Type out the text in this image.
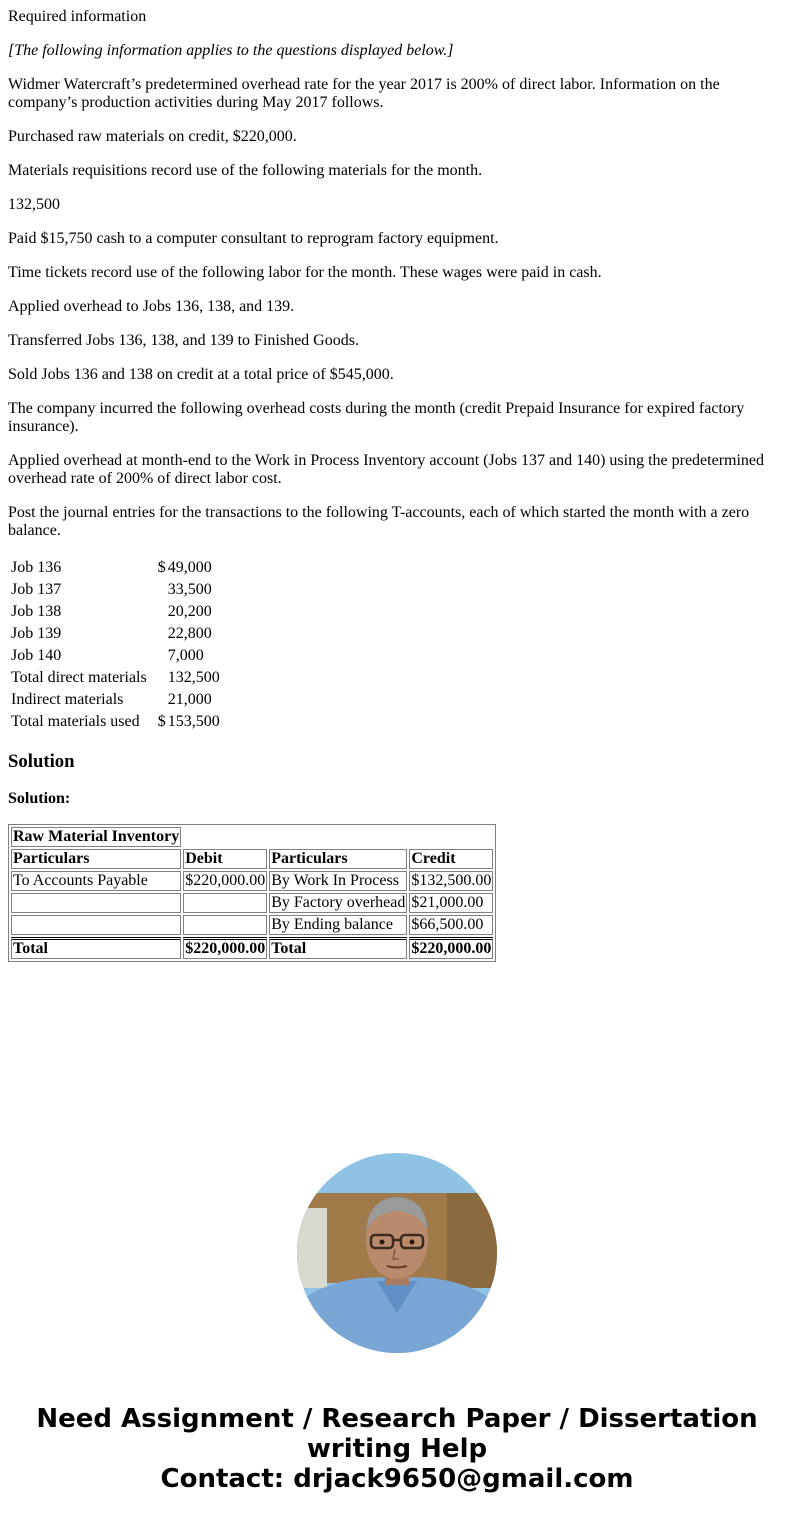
Required information

[The following information applies to the questions displayed below.]

Widmer Watercraft’s predetermined overhead rate for the year 2017 is 200% of direct labor. Information on the company’s production activities during May 2017 follows.

Purchased raw materials on credit, $220,000.

Materials requisitions record use of the following materials for the month.

132,500

Paid $15,750 cash to a computer consultant to reprogram factory equipment.

Time tickets record use of the following labor for the month. These wages were paid in cash.

Applied overhead to Jobs 136, 138, and 139.

Transferred Jobs 136, 138, and 139 to Finished Goods.

Sold Jobs 136 and 138 on credit at a total price of $545,000.

The company incurred the following overhead costs during the month (credit Prepaid Insurance for expired factory insurance).

Applied overhead at month-end to the Work in Process Inventory account (Jobs 137 and 140) using the predetermined overhead rate of 200% of direct labor cost.

Post the journal entries for the transactions to the following T-accounts, each of which started the month with a zero balance.

Job 136	$	49,000
Job 137		33,500
Job 138		20,200
Job 139		22,800
Job 140		7,000
Total direct materials		132,500
Indirect materials		21,000
Total materials used	$	153,500
Solution

Solution:

Raw Material Inventory			
Particulars	Debit	Particulars	Credit
To Accounts Payable	$220,000.00	By Work In Process	$132,500.00
		By Factory overhead	$21,000.00
		By Ending balance	$66,500.00
Total	$220,000.00	Total	$220,000.00
Need Assignment / Research Paper / Dissertation
writing Help
Contact: drjack9650@gmail.com
